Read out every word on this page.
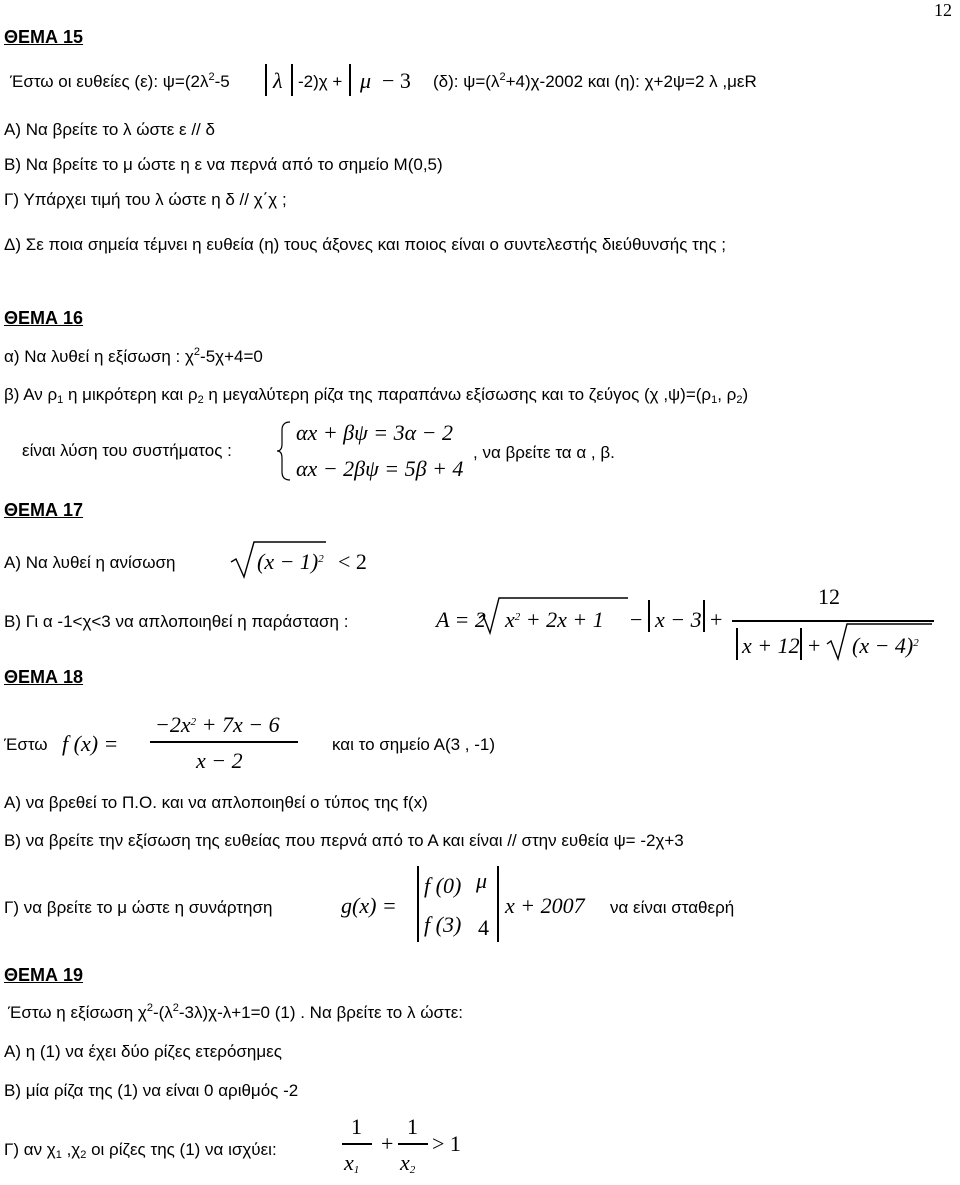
12
ΘΕΜΑ 15
Έστω οι ευθείες (ε): $\psi=(2\lambda^2-5$ λ -2)χ + μ − 3 (δ): $\psi=(\lambda^2+4)\chi-2002$ και (η): χ+2ψ=2 λ ,μεR
Α) Να βρείτε το λ ώστε ε // δ
Β) Να βρείτε το μ ώστε η ε να περνά από το σημείο Μ(0,5)
Γ) Υπάρχει τιμή του λ ώστε η δ // χ΄χ ;
Δ) Σε ποια σημεία τέμνει η ευθεία (η) τους άξονες και ποιος είναι ο συντελεστής διεύθυνσής της ;
ΘΕΜΑ 16
α) Να λυθεί η εξίσωση : $\chi^2-5\chi+4=0$
β) Αν ρ1 η μικρότερη και ρ2 η μεγαλύτερη ρίζα της παραπάνω εξίσωσης και το ζεύγος (χ ,ψ)=(ρ1, ρ2)
είναι λύση του συστήματος :
αx + βψ = 3α − 2
αx − 2βψ = 5β + 4
, να βρείτε τα α , β.
ΘΕΜΑ 17
Α) Να λυθεί η ανίσωση	$(x - 1)^2 < 2$
Β) Γι α -1<χ<3 να απλοποιηθεί η παράσταση :	A = 2 $x^2 + 2x + 1 - x - 3$ +
12
$x + 12 + (x - 4)^2$
ΘΕΜΑ 18
Έστω f (x) =
$-2x^2 + 7x - 6$
x − 2
και το σημείο Α(3 , -1)
Α) να βρεθεί το Π.Ο. και να απλοποιηθεί ο τύπος της f(x)
Β) να βρείτε την εξίσωση της ευθείας που περνά από το Α και είναι // στην ευθεία ψ= -2χ+3
Γ) να βρείτε το μ ώστε η συνάρτηση	g(x) =
f (0) μ
f (3) 4
x + 2007 να είναι σταθερή
ΘΕΜΑ 19
Έστω η εξίσωση $\chi^2-(\lambda^2-3\lambda)\chi-\lambda+1=0$ (1) . Να βρείτε το λ ώστε:
Α) η (1) να έχει δύο ρίζες ετερόσημες
Β) μία ρίζα της (1) να είναι 0 αριθμός -2
Γ) αν χ1 ,χ2 οι ρίζες της (1) να ισχύει:
1
x1
+
1
x2
> 1
